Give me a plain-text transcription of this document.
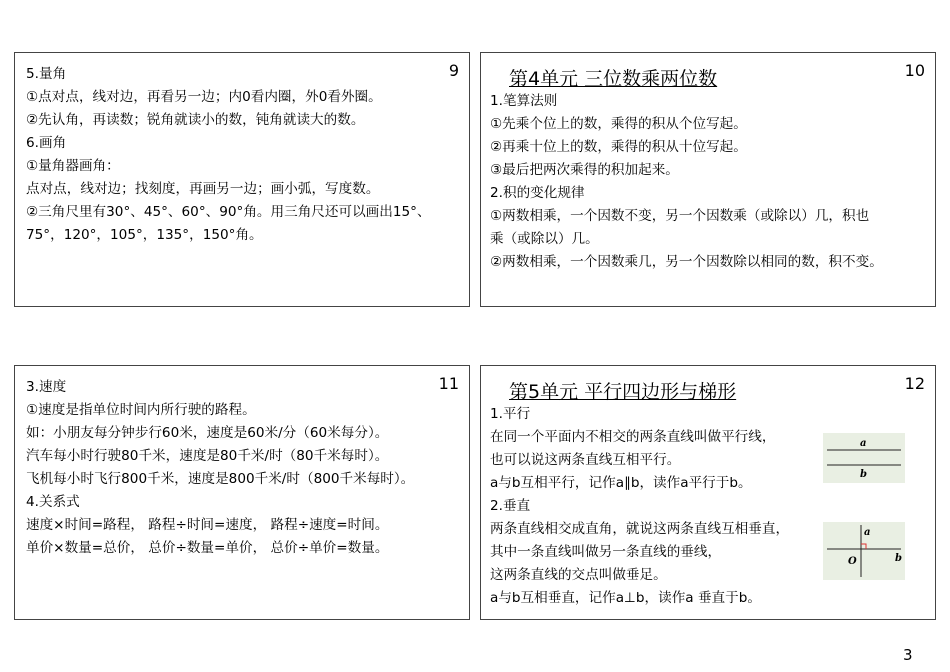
9
5.量角
①点对点，线对边，再看另一边；内0看内圈，外0看外圈。
②先认角，再读数；锐角就读小的数，钝角就读大的数。
6.画角
①量角器画角：
点对点，线对边；找刻度，再画另一边；画小弧，写度数。
②三角尺里有30°、45°、60°、90°角。用三角尺还可以画出15°、
75°，120°，105°，135°，150°角。
10
第4单元 三位数乘两位数
1.笔算法则
①先乘个位上的数，乘得的积从个位写起。
②再乘十位上的数，乘得的积从十位写起。
③最后把两次乘得的积加起来。
2.积的变化规律
①两数相乘，一个因数不变，另一个因数乘（或除以）几，积也
乘（或除以）几。
②两数相乘，一个因数乘几，另一个因数除以相同的数，积不变。
11
3.速度
①速度是指单位时间内所行驶的路程。
如：小朋友每分钟步行60米，速度是60米/分（60米每分）。
汽车每小时行驶80千米，速度是80千米/时（80千米每时）。
飞机每小时飞行800千米，速度是800千米/时（800千米每时）。
4.关系式
速度×时间=路程， 路程÷时间=速度， 路程÷速度=时间。
单价×数量=总价， 总价÷数量=单价， 总价÷单价=数量。
12
第5单元 平行四边形与梯形
1.平行
在同一个平面内不相交的两条直线叫做平行线，
也可以说这两条直线互相平行。
a与b互相平行，记作a∥b，读作a平行于b。
2.垂直
两条直线相交成直角，就说这两条直线互相垂直，
其中一条直线叫做另一条直线的垂线，
这两条直线的交点叫做垂足。
a与b互相垂直，记作a⊥b，读作a 垂直于b。
a
b
a
O	b
3
